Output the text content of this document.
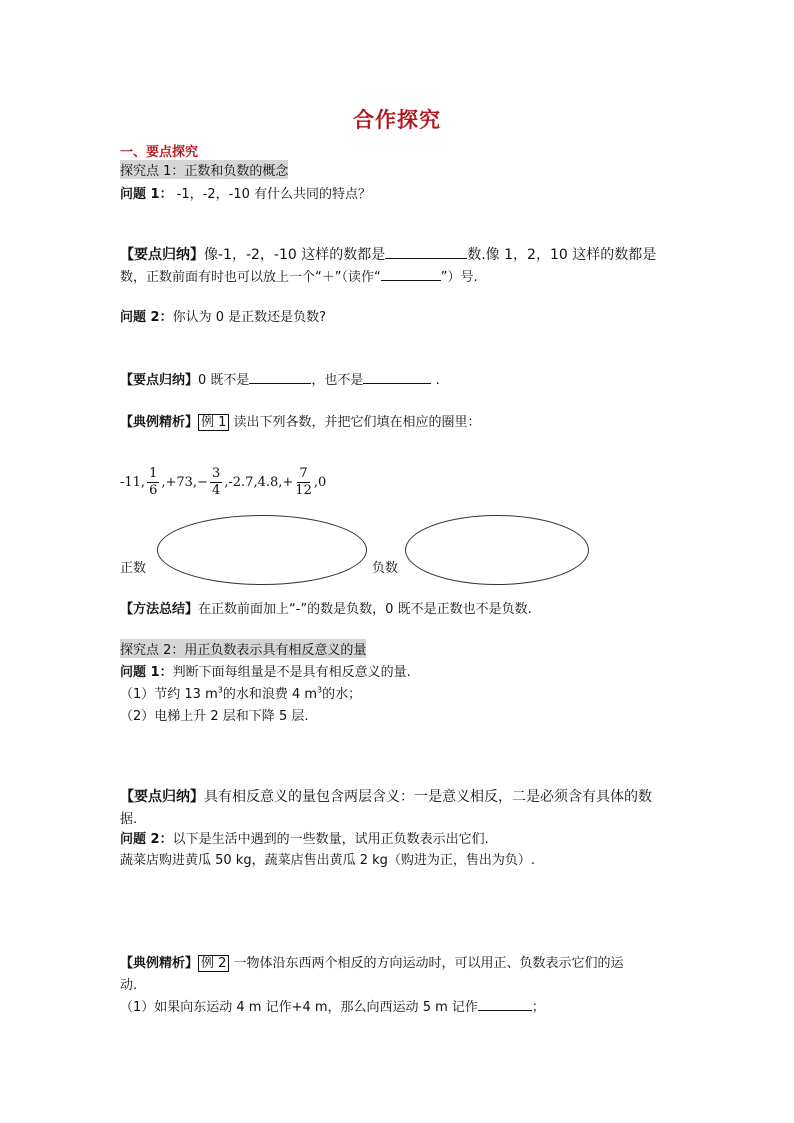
合作探究
一、要点探究
探究点 1：正数和负数的概念
问题 1： -1，-2，-10 有什么共同的特点？
【要点归纳】像-1，-2，-10 这样的数都是	数.像 1，2，10 这样的数都是
数，正数前面有时也可以放上一个“＋”（读作“	”）号.
问题 2：你认为 0 是正数还是负数?
【要点归纳】0 既不是	，也不是	.
【典例精析】 例 1 读出下列各数，并把它们填在相应的圈里：
-11, $\frac{1}{6} ,+73$, − $\frac{3}{4} ,-2.7,4.8$, + $\frac{7}{12} ,0$
正数	负数
【方法总结】在正数前面加上“-”的数是负数，0 既不是正数也不是负数.
探究点 2：用正负数表示具有相反意义的量
问题 1：判断下面每组量是不是具有相反意义的量.
（1）节约 13 $m^3$的水和浪费 4 $m^3$的水；
（2）电梯上升 2 层和下降 5 层.
【要点归纳】具有相反意义的量包含两层含义：一是意义相反，二是必须含有具体的数
据.
问题 2：以下是生活中遇到的一些数量，试用正负数表示出它们.
蔬菜店购进黄瓜 50 kg，蔬菜店售出黄瓜 2 kg（购进为正，售出为负）.
【典例精析】 例 2 一物体沿东西两个相反的方向运动时，可以用正、负数表示它们的运
动.
（1）如果向东运动 4 m 记作+4 m，那么向西运动 5 m 记作	；
